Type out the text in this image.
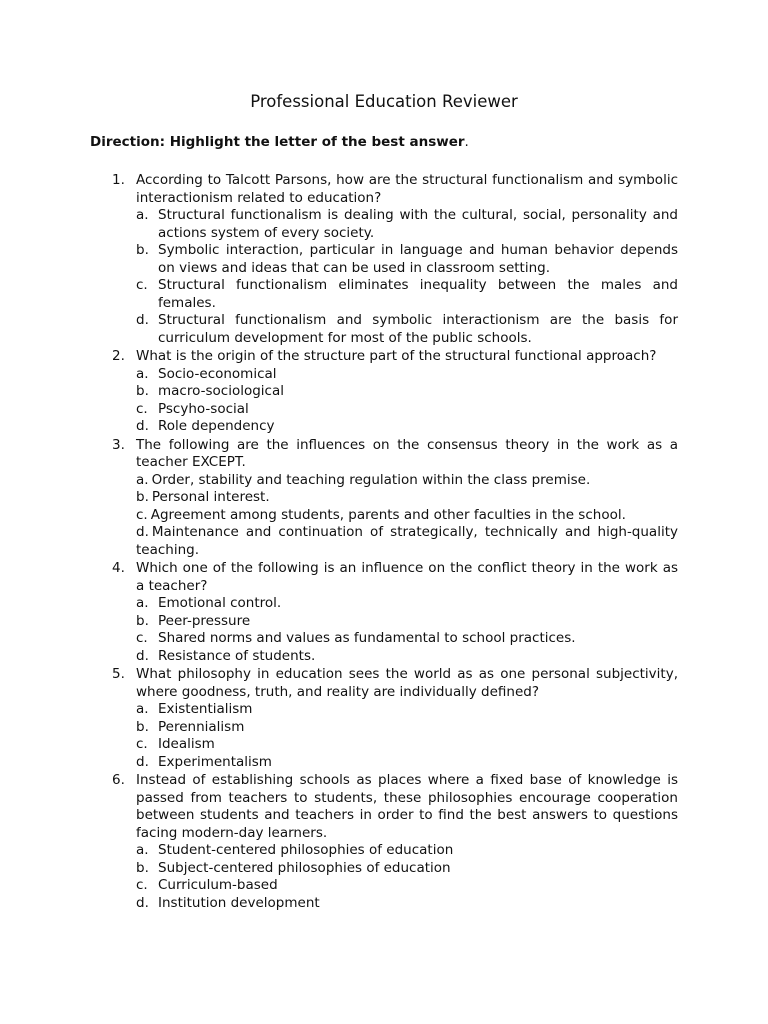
Professional Education Reviewer

Direction: Highlight the letter of the best answer.

1. According to Talcott Parsons, how are the structural functionalism and symbolic interactionism related to education?

a. Structural functionalism is dealing with the cultural, social, personality and actions system of every society.
b. Symbolic interaction, particular in language and human behavior depends on views and ideas that can be used in classroom setting.
c. Structural functionalism eliminates inequality between the males and females.
d. Structural functionalism and symbolic interactionism are the basis for curriculum development for most of the public schools.
2. What is the origin of the structure part of the structural functional approach?

a. Socio-economical
b. macro-sociological
c. Pscyho-social
d. Role dependency
3. The following are the influences on the consensus theory in the work as a teacher EXCEPT.

a. Order, stability and teaching regulation within the class premise.
b. Personal interest.
c. Agreement among students, parents and other faculties in the school.
d. Maintenance and continuation of strategically, technically and high-quality teaching.
4. Which one of the following is an influence on the conflict theory in the work as a teacher?

a. Emotional control.
b. Peer-pressure
c. Shared norms and values as fundamental to school practices.
d. Resistance of students.
5. What philosophy in education sees the world as as one personal subjectivity, where goodness, truth, and reality are individually defined?

a. Existentialism
b. Perennialism
c. Idealism
d. Experimentalism
6. Instead of establishing schools as places where a fixed base of knowledge is passed from teachers to students, these philosophies encourage cooperation between students and teachers in order to find the best answers to questions facing modern-day learners.

a. Student-centered philosophies of education
b. Subject-centered philosophies of education
c. Curriculum-based
d. Institution development
